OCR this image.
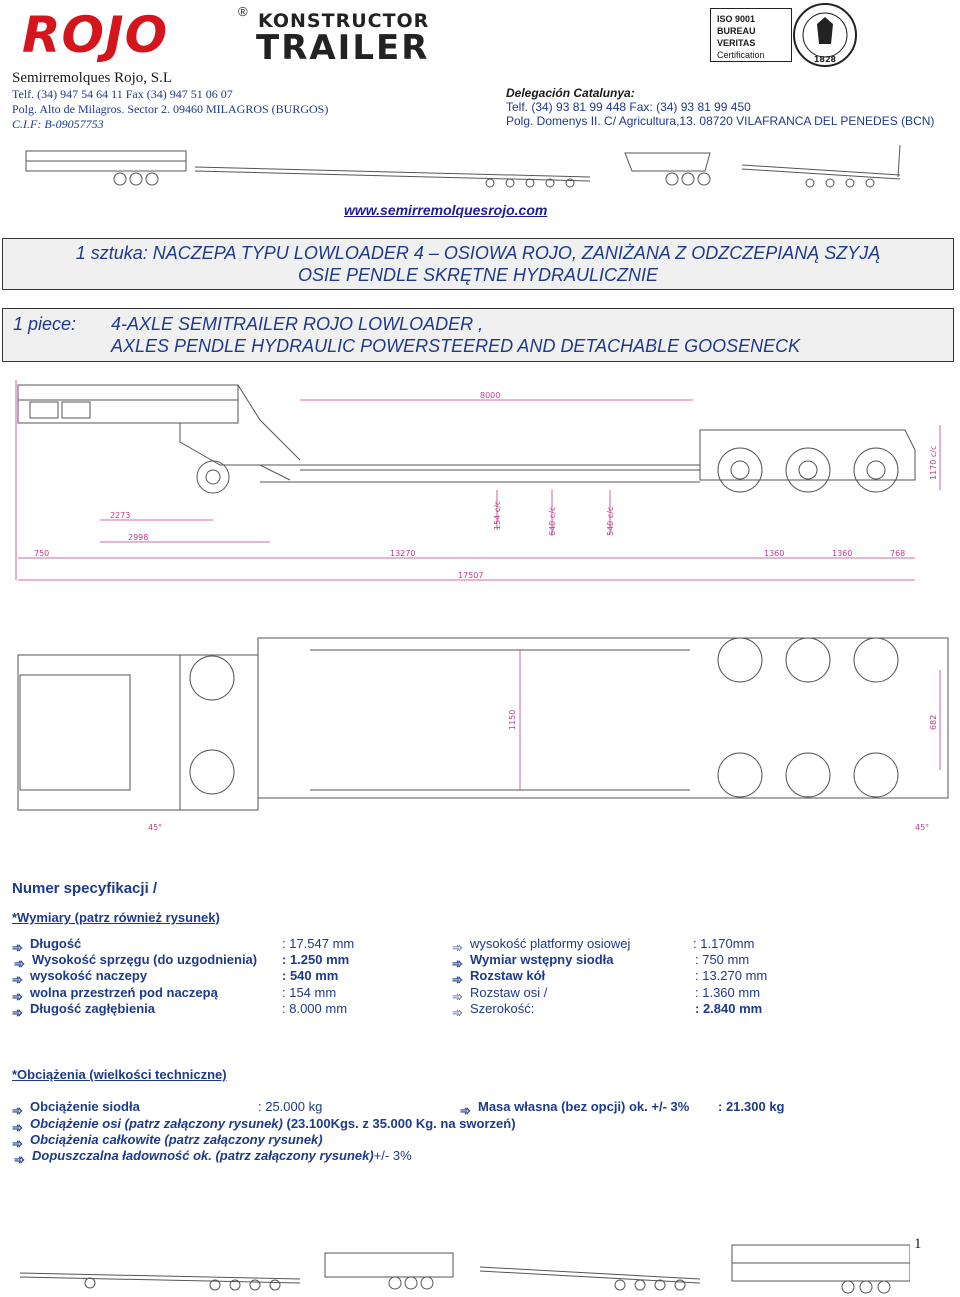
ROJO	® KONSTRUCTOR
TRAILER
ISO 9001
BUREAU VERITAS
Certification	1828
Semirremolques Rojo, S.L
Telf. (34) 947 54 64 11 Fax (34) 947 51 06 07
Polg. Alto de Milagros. Sector 2. 09460 MILAGROS (BURGOS)
C.I.F: B-09057753
Delegación Catalunya:
Telf. (34) 93 81 99 448 Fax: (34) 93 81 99 450
Polg. Domenys II. C/ Agricultura,13. 08720 VILAFRANCA DEL PENEDES (BCN)
www.semirremolquesrojo.com
1 sztuka: NACZEPA TYPU LOWLOADER 4 – OSIOWA ROJO, ZANIŻANA Z ODZCZEPIANĄ SZYJĄ
OSIE PENDLE SKRĘTNE HYDRAULICZNIE
1 piece: 4-AXLE SEMITRAILER ROJO LOWLOADER ,
AXLES PENDLE HYDRAULIC POWERSTEERED AND DETACHABLE GOOSENECK
8000
2273
2998
750	13270
17507
1360	1360	768
1170 c/c
154 c/c	640 c/c	540 c/c
1150	682
45°	45°
Numer specyfikacji /
*Wymiary (patrz również rysunek)
➾ Długość	: 17.547 mm
➾ Wysokość sprzęgu (do uzgodnienia) : 1.250 mm
➾ wysokość naczepy	: 540 mm
➾ wolna przestrzeń pod naczepą	: 154 mm
➾ Długość zagłębienia	: 8.000 mm
➾ wysokość platformy osiowej	: 1.170mm
➾ Wymiar wstępny siodła	: 750 mm
➾ Rozstaw kół	: 13.270 mm
➾ Rozstaw osi /	: 1.360 mm
➾ Szerokość:	: 2.840 mm
*Obciążenia (wielkości techniczne)
➾ Obciążenie siodła	: 25.000 kg	➾ Masa własna (bez opcji) ok. +/- 3% : 21.300 kg
➾ Obciążenie osi (patrz załączony rysunek) (23.100Kgs. z 35.000 Kg. na sworzeń)
➾ Obciążenia całkowite (patrz załączony rysunek)
➾ Dopuszczalna ładowność ok. (patrz załączony rysunek)+/- 3%
1
